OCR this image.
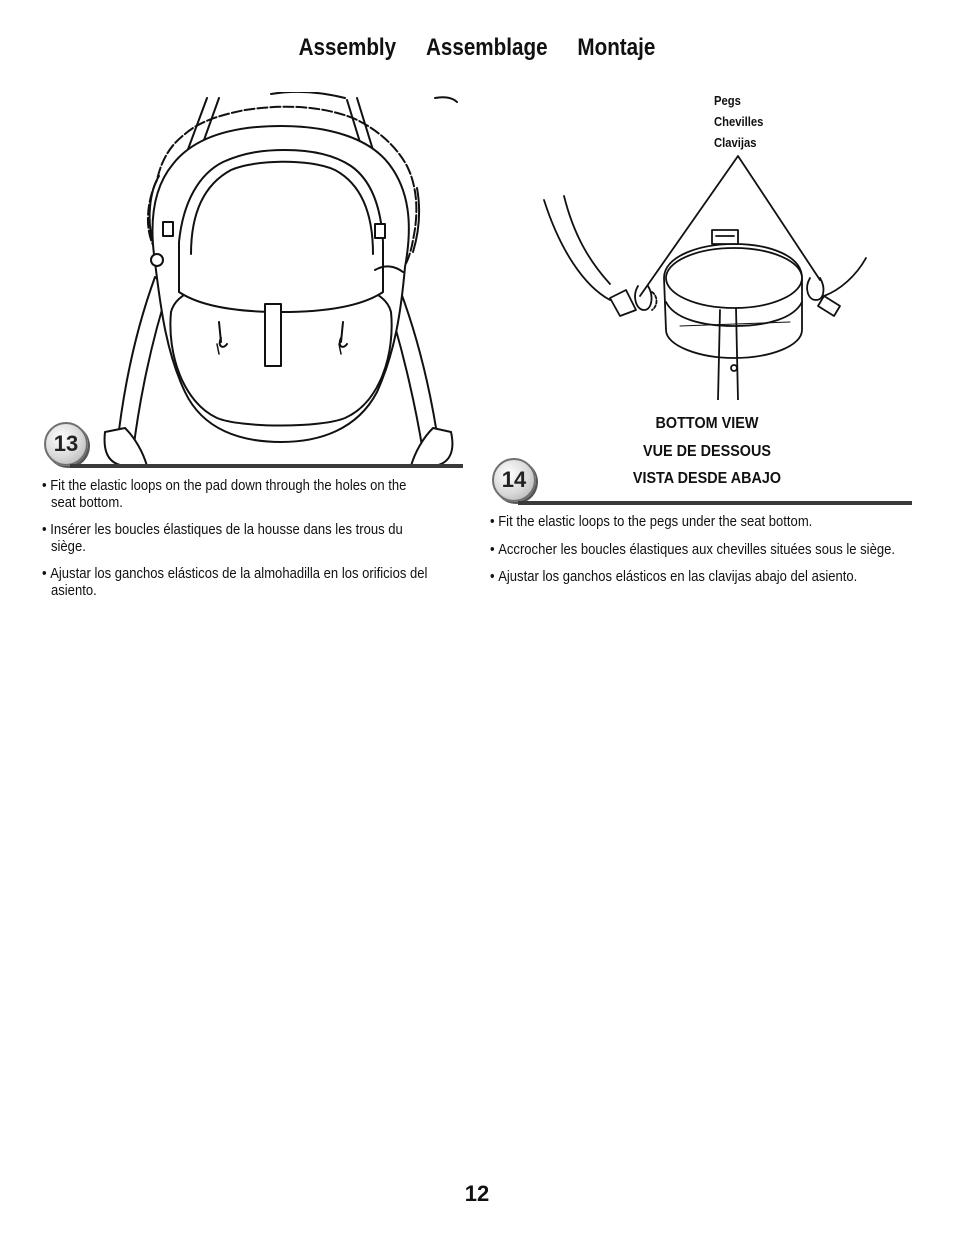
Assembly Assemblage Montaje
13
• Fit the elastic loops on the pad down through the holes on the seat bottom.
• Insérer les boucles élastiques de la housse dans les trous du siège.
• Ajustar los ganchos elásticos de la almohadilla en los orificios del asiento.
Pegs
Chevilles
Clavijas
BOTTOM VIEW
VUE DE DESSOUS
VISTA DESDE ABAJO
14
• Fit the elastic loops to the pegs under the seat bottom.
• Accrocher les boucles élastiques aux chevilles situées sous le siège.
• Ajustar los ganchos elásticos en las clavijas abajo del asiento.
12
